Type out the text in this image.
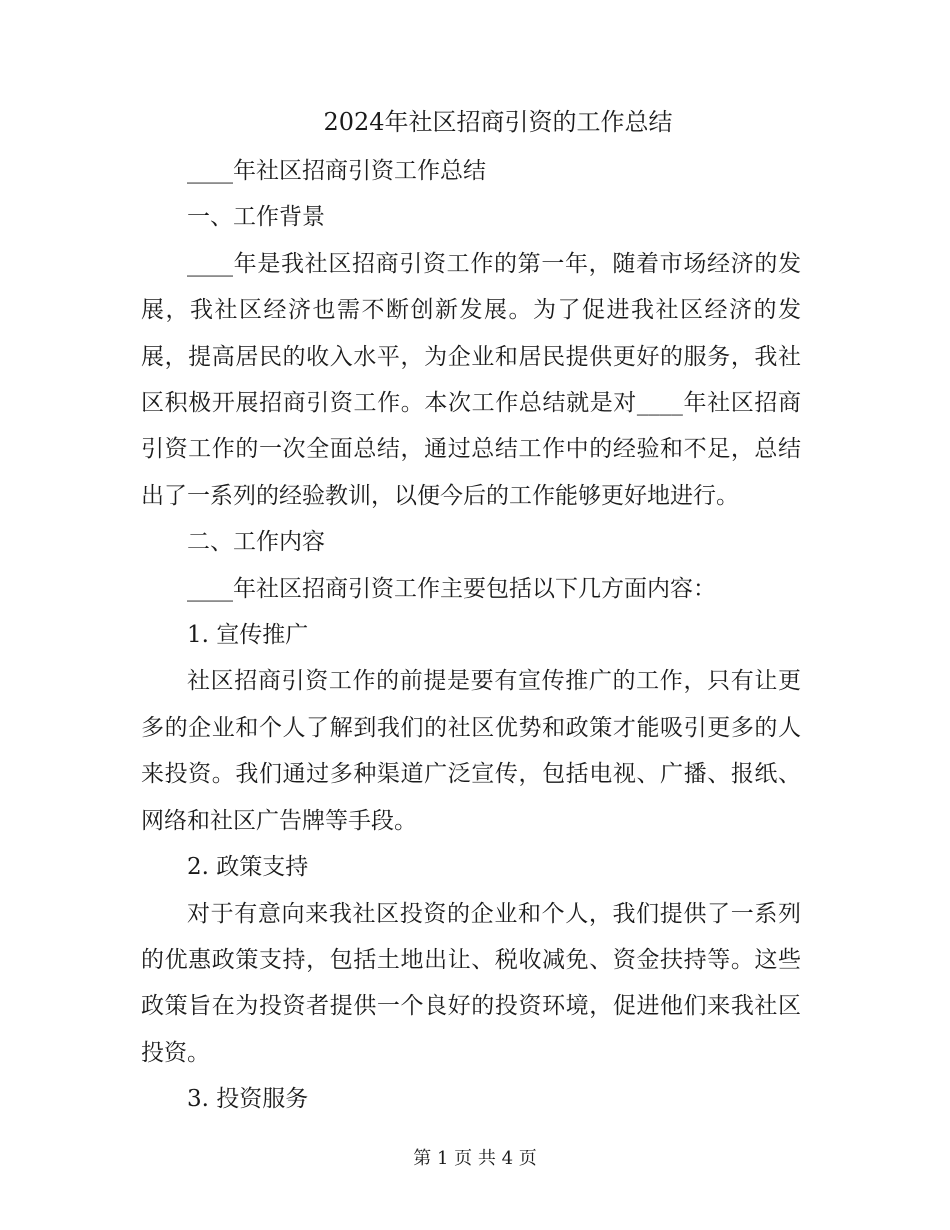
2024年社区招商引资的工作总结

____年社区招商引资工作总结

一、工作背景

____年是我社区招商引资工作的第一年，随着市场经济的发展，我社区经济也需不断创新发展。为了促进我社区经济的发展，提高居民的收入水平，为企业和居民提供更好的服务，我社区积极开展招商引资工作。本次工作总结就是对____年社区招商引资工作的一次全面总结，通过总结工作中的经验和不足，总结出了一系列的经验教训，以便今后的工作能够更好地进行。

二、工作内容

____年社区招商引资工作主要包括以下几方面内容：

1. 宣传推广

社区招商引资工作的前提是要有宣传推广的工作，只有让更多的企业和个人了解到我们的社区优势和政策才能吸引更多的人来投资。我们通过多种渠道广泛宣传，包括电视、广播、报纸、网络和社区广告牌等手段。

2. 政策支持

对于有意向来我社区投资的企业和个人，我们提供了一系列的优惠政策支持，包括土地出让、税收减免、资金扶持等。这些政策旨在为投资者提供一个良好的投资环境，促进他们来我社区投资。

3. 投资服务

第 1 页 共 4 页
